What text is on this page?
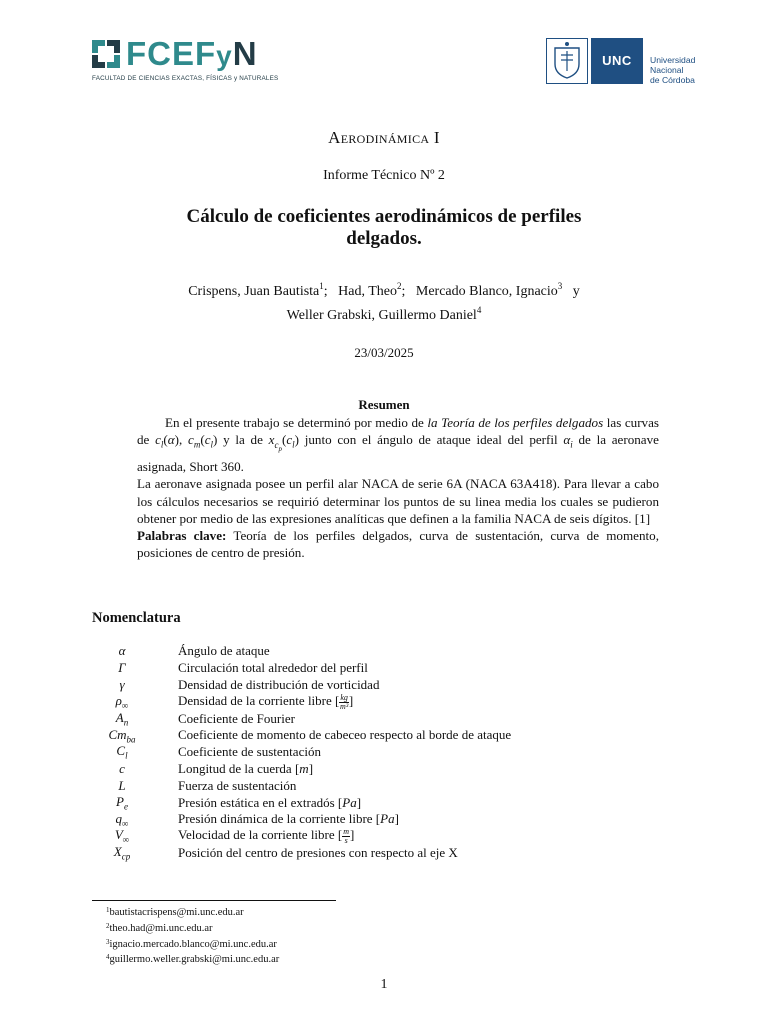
FCEFyN
FACULTAD DE CIENCIAS EXACTAS, FÍSICAS y NATURALES
UNC	Universidad
Nacional
de Córdoba
Aerodinámica I
Informe Técnico Nº 2
Cálculo de coeficientes aerodinámicos de perfiles
delgados.
Crispens, Juan Bautista$^1$;   Had, Theo$^2$;   Mercado Blanco, Ignacio$^3$ y
Weller Grabski, Guillermo Daniel$^4$
23/03/2025
Resumen

En el presente trabajo se determinó por medio de la Teoría de los perfiles delgados las curvas de $c_l(\alpha)$, $c_m(c_l)$ y la de $x_{c_p}(c_l)$ junto con el ángulo de ataque ideal del perfil $\alpha_i$ de la aeronave asignada, Short 360.

La aeronave asignada posee un perfil alar NACA de serie 6A (NACA 63A418). Para llevar a cabo los cálculos necesarios se requirió determinar los puntos de su linea media los cuales se pudieron obtener por medio de las expresiones analíticas que definen a la familia NACA de seis dígitos. [1]

Palabras clave: Teoría de los perfiles delgados, curva de sustentación, curva de momento, posiciones de centro de presión.

Nomenclatura
α	Ángulo de ataque
Γ	Circulación total alrededor del perfil
γ	Densidad de distribución de vorticidad
$\rho_\infty$	Densidad de la corriente libre [ $\frac{kg}{\text{m³}}$ ]
$A_n$	Coeficiente de Fourier
$Cm_{ba}$	Coeficiente de momento de cabeceo respecto al borde de ataque
$C_l$	Coeficiente de sustentación
c	Longitud de la cuerda [m]
L	Fuerza de sustentación
$P_e$	Presión estática en el extradós [Pa]
$q_\infty$	Presión dinámica de la corriente libre [Pa]
$V_\infty$	Velocidad de la corriente libre [ $\frac{m}{s}$ ]
$X_{cp}$	Posición del centro de presiones con respecto al eje X
$^1$bautistacrispens@mi.unc.edu.ar
$^2$theo.had@mi.unc.edu.ar
$^3$ignacio.mercado.blanco@mi.unc.edu.ar
$^4$guillermo.weller.grabski@mi.unc.edu.ar
1
